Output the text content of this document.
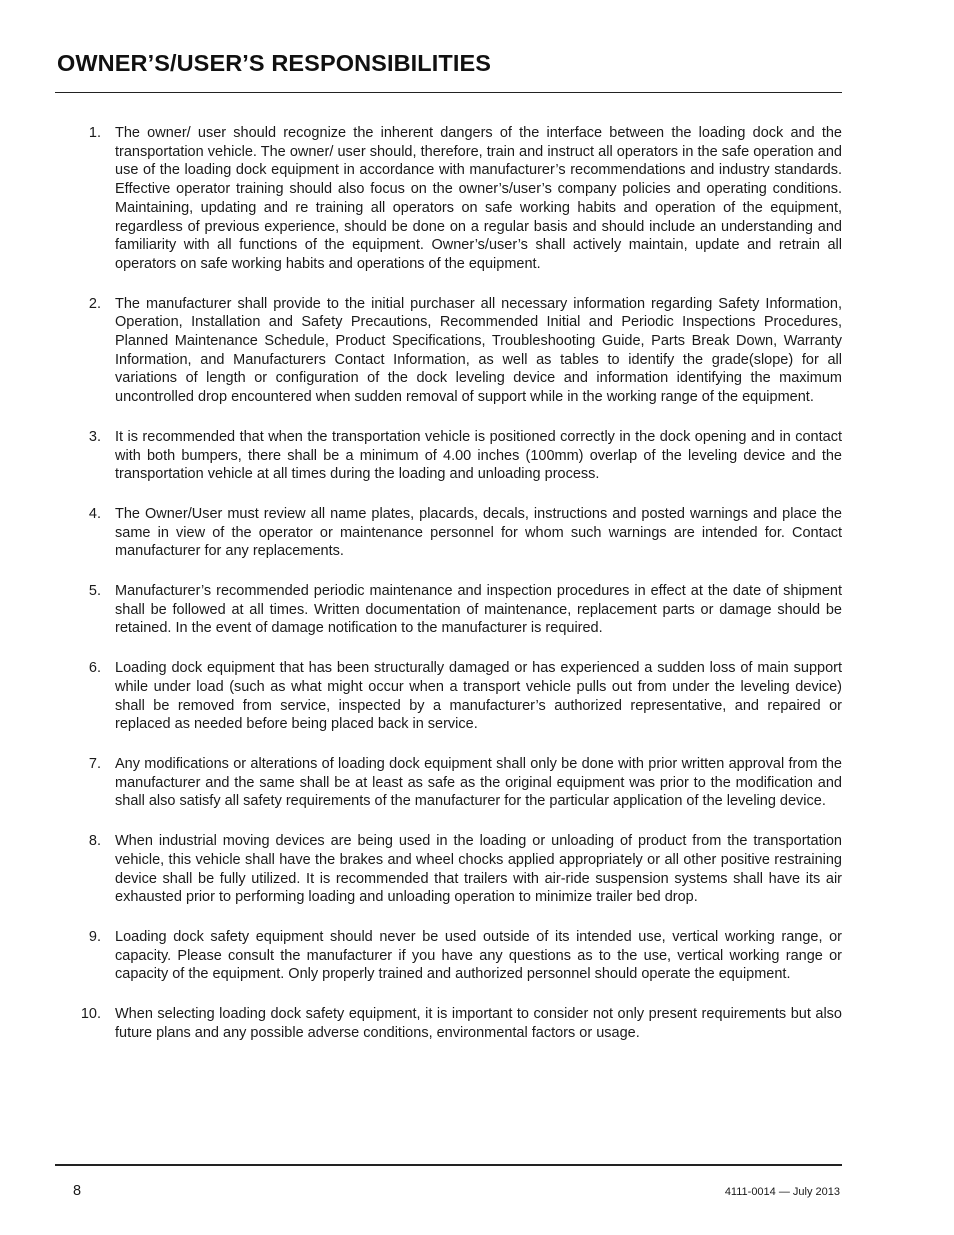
OWNER’S/USER’S RESPONSIBILITIES
1. The owner/ user should recognize the inherent dangers of the interface between the loading dock and the transportation vehicle. The owner/ user should, therefore, train and instruct all operators in the safe operation and use of the loading dock equipment in accordance with manufacturer’s recommendations and industry standards. Effective operator training should also focus on the owner’s/user’s company policies and operating conditions. Maintaining, updating and re training all operators on safe working habits and operation of the equipment, regardless of previous experience, should be done on a regular basis and should include an understanding and familiarity with all functions of the equipment. Owner’s/user’s shall actively maintain, update and retrain all operators on safe working habits and operations of the equipment.

2. The manufacturer shall provide to the initial purchaser all necessary information regarding Safety Information, Operation, Installation and Safety Precautions, Recommended Initial and Periodic Inspections Procedures, Planned Maintenance Schedule, Product Specifications, Troubleshooting Guide, Parts Break Down, Warranty Information, and Manufacturers Contact Information, as well as tables to identify the grade(slope) for all variations of length or configuration of the dock leveling device and information identifying the maximum uncontrolled drop encountered when sudden removal of support while in the working range of the equipment.

3. It is recommended that when the transportation vehicle is positioned correctly in the dock opening and in contact with both bumpers, there shall be a minimum of 4.00 inches (100mm) overlap of the leveling device and the transportation vehicle at all times during the loading and unloading process.

4. The Owner/User must review all name plates, placards, decals, instructions and posted warnings and place the same in view of the operator or maintenance personnel for whom such warnings are intended for. Contact manufacturer for any replacements.

5. Manufacturer’s recommended periodic maintenance and inspection procedures in effect at the date of shipment shall be followed at all times. Written documentation of maintenance, replacement parts or damage should be retained. In the event of damage notification to the manufacturer is required.

6. Loading dock equipment that has been structurally damaged or has experienced a sudden loss of main support while under load (such as what might occur when a transport vehicle pulls out from under the leveling device) shall be removed from service, inspected by a manufacturer’s authorized representative, and repaired or replaced as needed before being placed back in service.

7. Any modifications or alterations of loading dock equipment shall only be done with prior written approval from the manufacturer and the same shall be at least as safe as the original equipment was prior to the modification and shall also satisfy all safety requirements of the manufacturer for the particular application of the leveling device.

8. When industrial moving devices are being used in the loading or unloading of product from the transportation vehicle, this vehicle shall have the brakes and wheel chocks applied appropriately or all other positive restraining device shall be fully utilized. It is recommended that trailers with air-ride suspension systems shall have its air exhausted prior to performing loading and unloading operation to minimize trailer bed drop.

9. Loading dock safety equipment should never be used outside of its intended use, vertical working range, or capacity. Please consult the manufacturer if you have any questions as to the use, vertical working range or capacity of the equipment. Only properly trained and authorized personnel should operate the equipment.

10. When selecting loading dock safety equipment, it is important to consider not only present requirements but also future plans and any possible adverse conditions, environmental factors or usage.

8	4111-0014 — July 2013
